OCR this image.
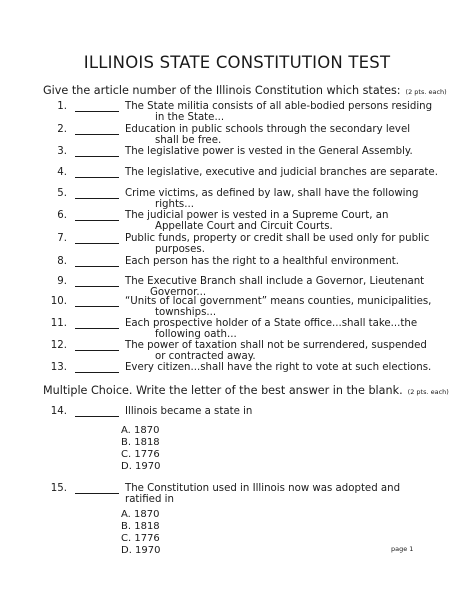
ILLINOIS STATE CONSTITUTION TEST
Give the article number of the Illinois Constitution which states: (2 pts. each)
1.	The State militia consists of all able-bodied persons residing
in the State...
2.	Education in public schools through the secondary level
shall be free.
3.	The legislative power is vested in the General Assembly.
4.	The legislative, executive and judicial branches are separate.
5.	Crime victims, as defined by law, shall have the following
rights...
6.	The judicial power is vested in a Supreme Court, an
Appellate Court and Circuit Courts.
7.	Public funds, property or credit shall be used only for public
purposes.
8.	Each person has the right to a healthful environment.
9.	The Executive Branch shall include a Governor, Lieutenant
Governor...
10.	“Units of local government” means counties, municipalities,
townships...
11.	Each prospective holder of a State office...shall take...the
following oath...
12.	The power of taxation shall not be surrendered, suspended
or contracted away.
13.	Every citizen...shall have the right to vote at such elections.
Multiple Choice. Write the letter of the best answer in the blank. (2 pts. each)
14.	Illinois became a state in
A. 1870
B. 1818
C. 1776
D. 1970
15.	The Constitution used in Illinois now was adopted and
ratified in
A. 1870
B. 1818
C. 1776
D. 1970	page 1
